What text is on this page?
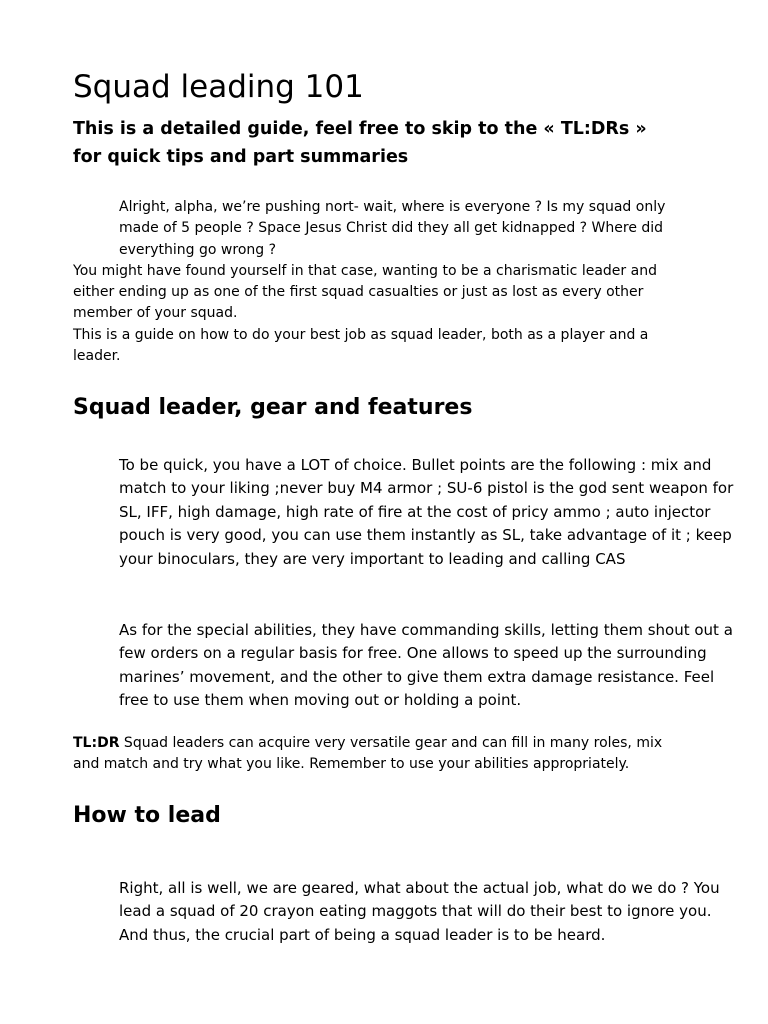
Squad leading 101
This is a detailed guide, feel free to skip to the « TL:DRs » for quick tips and part summaries

Alright, alpha, we’re pushing nort- wait, where is everyone ? Is my squad only made of 5 people ? Space Jesus Christ did they all get kidnapped ? Where did everything go wrong ?

You might have found yourself in that case, wanting to be a charismatic leader and either ending up as one of the first squad casualties or just as lost as every other member of your squad.

This is a guide on how to do your best job as squad leader, both as a player and a leader.

Squad leader, gear and features

To be quick, you have a LOT of choice. Bullet points are the following : mix and match to your liking ;never buy M4 armor ; SU-6 pistol is the god sent weapon for SL, IFF, high damage, high rate of fire at the cost of pricy ammo ; auto injector pouch is very good, you can use them instantly as SL, take advantage of it ; keep your binoculars, they are very important to leading and calling CAS

As for the special abilities, they have commanding skills, letting them shout out a few orders on a regular basis for free. One allows to speed up the surrounding marines’ movement, and the other to give them extra damage resistance. Feel free to use them when moving out or holding a point.

TL:DR Squad leaders can acquire very versatile gear and can fill in many roles, mix and match and try what you like. Remember to use your abilities appropriately.

How to lead

Right, all is well, we are geared, what about the actual job, what do we do ? You lead a squad of 20 crayon eating maggots that will do their best to ignore you. And thus, the crucial part of being a squad leader is to be heard.
